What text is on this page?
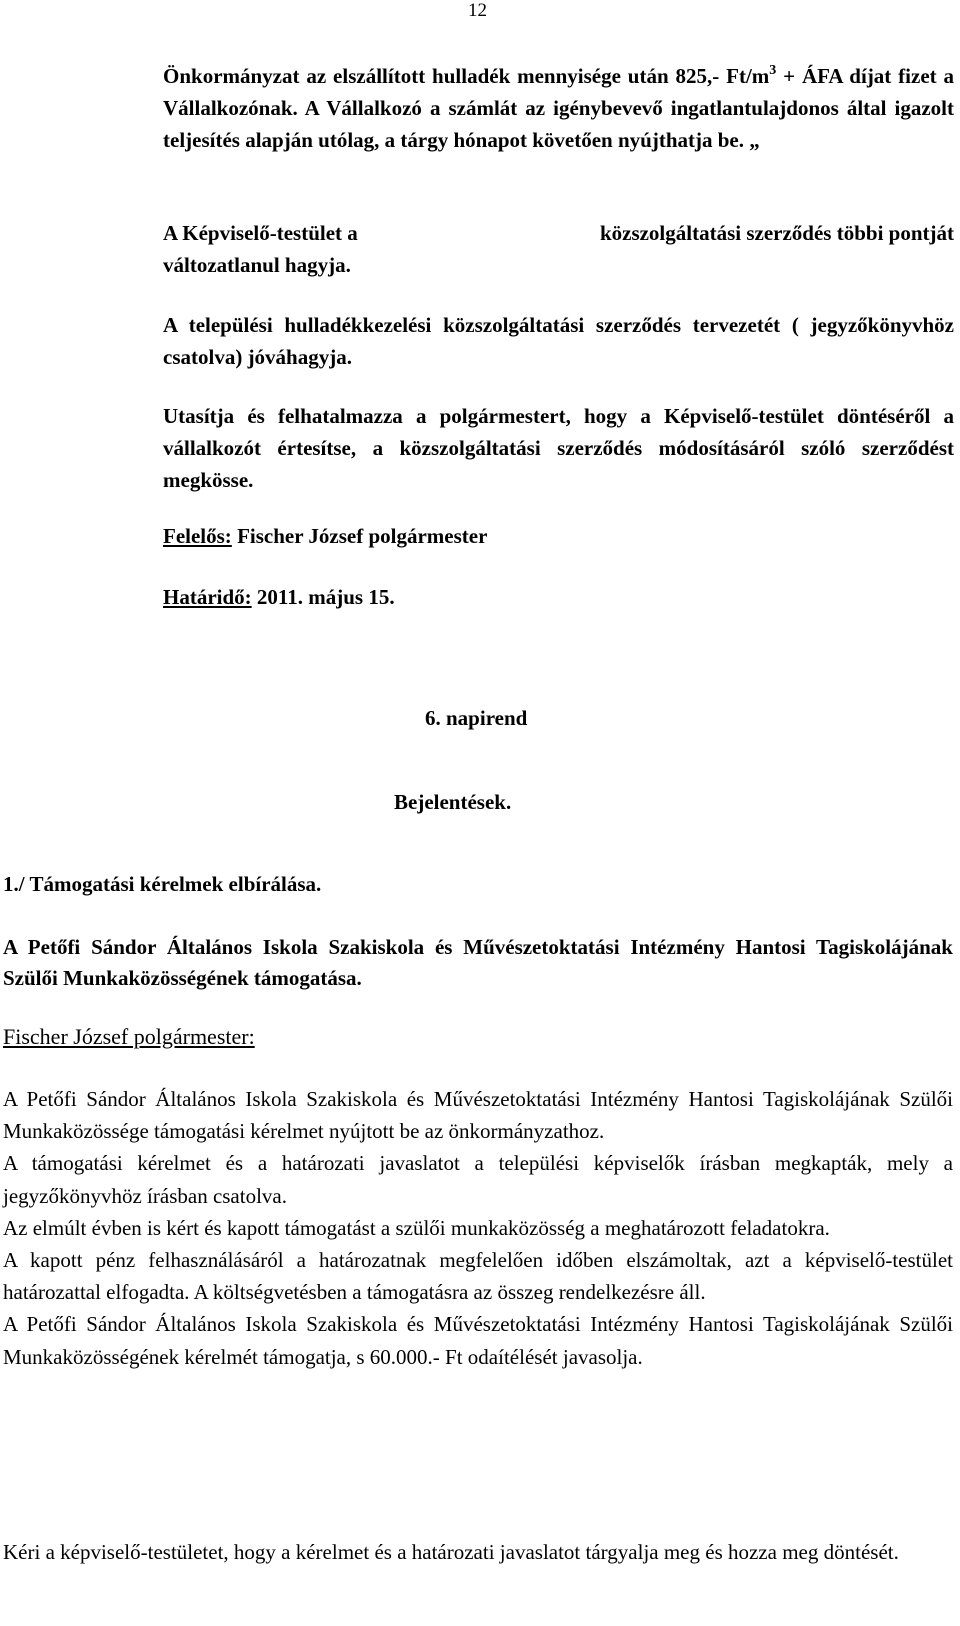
12
Önkormányzat az elszállított hulladék mennyisége után 825,- $Ft/m^3$ + ÁFA díjat fizet a Vállalkozónak. A Vállalkozó a számlát az igénybevevő ingatlantulajdonos által igazolt teljesítés alapján utólag, a tárgy hónapot követően nyújthatja be. „
A Képviselő-testület a	közszolgáltatási szerződés többi pontját
változatlanul hagyja.
A települési hulladékkezelési közszolgáltatási szerződés tervezetét ( jegyzőkönyvhöz csatolva) jóváhagyja.
Utasítja és felhatalmazza a polgármestert, hogy a Képviselő-testület döntéséről a vállalkozót értesítse, a közszolgáltatási szerződés módosításáról szóló szerződést megkösse.
Felelős: Fischer József polgármester
Határidő: 2011. május 15.
6. napirend
Bejelentések.
1./ Támogatási kérelmek elbírálása.
A Petőfi Sándor Általános Iskola Szakiskola és Művészetoktatási Intézmény Hantosi Tagiskolájának Szülői Munkaközösségének támogatása.
Fischer József polgármester:

A Petőfi Sándor Általános Iskola Szakiskola és Művészetoktatási Intézmény Hantosi Tagiskolájának Szülői Munkaközössége támogatási kérelmet nyújtott be az önkormányzathoz.

A támogatási kérelmet és a határozati javaslatot a települési képviselők írásban megkapták, mely a jegyzőkönyvhöz írásban csatolva.

Az elmúlt évben is kért és kapott támogatást a szülői munkaközösség a meghatározott feladatokra.

A kapott pénz felhasználásáról a határozatnak megfelelően időben elszámoltak, azt a képviselő-testület határozattal elfogadta. A költségvetésben a támogatásra az összeg rendelkezésre áll.

A Petőfi Sándor Általános Iskola Szakiskola és Művészetoktatási Intézmény Hantosi Tagiskolájának Szülői Munkaközösségének kérelmét támogatja, s 60.000.- Ft odaítélését javasolja.

Kéri a képviselő-testületet, hogy a kérelmet és a határozati javaslatot tárgyalja meg és hozza meg döntését.
